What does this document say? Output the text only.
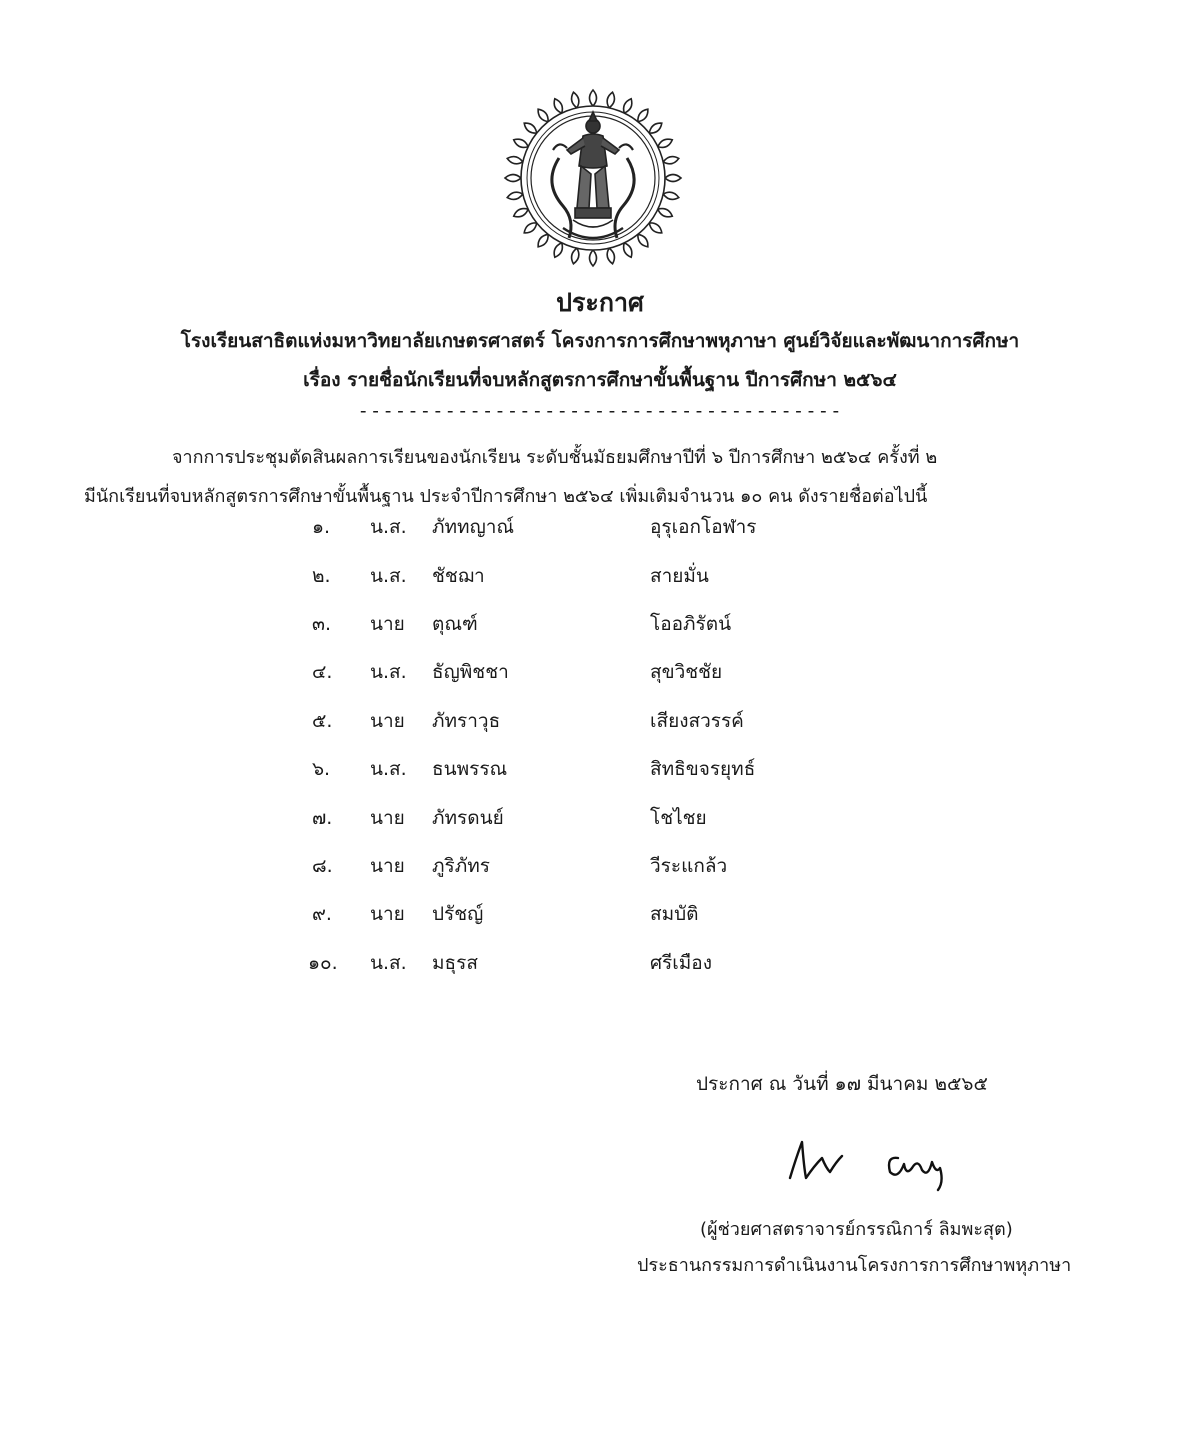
ประกาศ
โรงเรียนสาธิตแห่งมหาวิทยาลัยเกษตรศาสตร์ โครงการการศึกษาพหุภาษา ศูนย์วิจัยและพัฒนาการศึกษา
เรื่อง รายชื่อนักเรียนที่จบหลักสูตรการศึกษาขั้นพื้นฐาน ปีการศึกษา ๒๕๖๔
---------------------------------------
จากการประชุมตัดสินผลการเรียนของนักเรียน ระดับชั้นมัธยมศึกษาปีที่ ๖ ปีการศึกษา ๒๕๖๔ ครั้งที่ ๒
มีนักเรียนที่จบหลักสูตรการศึกษาขั้นพื้นฐาน ประจำปีการศึกษา ๒๕๖๔ เพิ่มเติมจำนวน ๑๐ คน ดังรายชื่อต่อไปนี้
๑. น.ส. ภัททญาณ์	อุรุเอกโอฬาร
๒. น.ส. ชัชฌา	สายมั่น
๓. นาย ตุณฑ์	โออภิรัตน์
๔. น.ส. ธัญพิชชา	สุขวิชชัย
๕. นาย ภัทราวุธ	เสียงสวรรค์
๖. น.ส. ธนพรรณ	สิทธิขจรยุทธ์
๗. นาย ภัทรดนย์	โชไชย
๘. นาย ภูริภัทร	วีระแกล้ว
๙. นาย ปรัชญ์	สมบัติ
๑๐. น.ส. มธุรส	ศรีเมือง
ประกาศ ณ วันที่ ๑๗ มีนาคม ๒๕๖๕
(ผู้ช่วยศาสตราจารย์กรรณิการ์ ลิมพะสุต)
ประธานกรรมการดำเนินงานโครงการการศึกษาพหุภาษา
